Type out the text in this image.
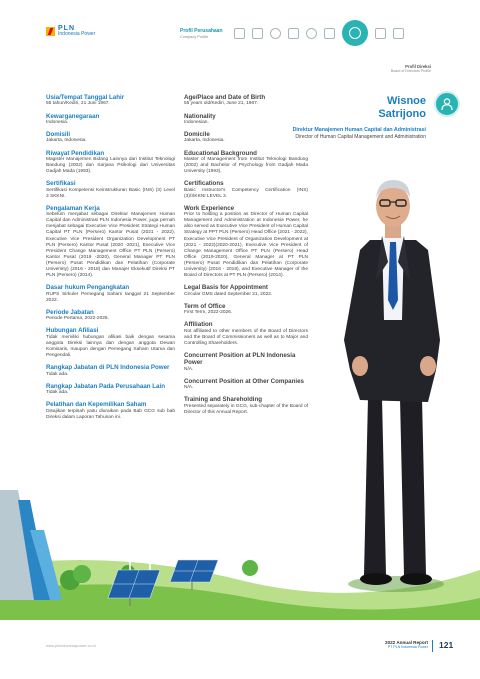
PLN
Indonesia Power	Profil Perusahaan
Company Profile
Profil Direksi
Board of Directors Profile
Usia/Tempat Tanggal Lahir
55 tahun/Kediri, 21 Juni 1967.
Kewarganegaraan
Indonesia.
Domisili
Jakarta, Indonesia.
Riwayat Pendidikan
Magister Manajemen Bidang Lainnya dari Institut Teknologi Bandung (2002) dan Sarjana Psikologi dari Universitas Gadjah Mada (1993).
Sertifikasi
Sertifikasi Kompetensi Keinstrukturan Basic (INS) (3) Level 3 SKKNI.
Pengalaman Kerja
Sebelum menjabat sebagai Direktur Manajemen Human Capital dan Administrasi PLN Indonesia Power, juga pernah menjabat sebagai Executive Vice President Strategi Human Capital PT PLN (Persero) Kantor Pusat (2021 - 2022), Executive Vice President Organization Development PT PLN (Persero) Kantor Pusat (2020 -2021), Executive Vice President Change Management Office PT PLN (Persero) Kantor Pusat (2019 -2020), General Manager PT PLN (Persero) Pusat Pendidikan dan Pelatihan (Corporate University) (2016 - 2018) dan Manajer Eksekutif Direksi PT PLN (Persero) (2014).
Dasar hukum Pengangkatan
RUPS Sirkuler Pemegang Saham tanggal 21 September 2022.
Periode Jabatan
Periode Pertama, 2022-2026.
Hubungan Afiliasi
Tidak memiliki hubungan afiliasi baik dengan sesama anggota Direksi lainnya dan dengan anggota Dewan Komisaris, maupun dengan Pemegang Saham Utama dan Pengendali.
Rangkap Jabatan di PLN Indonesia Power
Tidak ada.
Rangkap Jabatan Pada Perusahaan Lain
Tidak ada.
Pelatihan dan Kepemilikan Saham
Disajikan terpisah yaitu diuraikan pada Bab GCG sub bab Direksi dalam Laporan Tahunan ini.
Age/Place and Date of Birth
55 years old/Kediri, June 21, 1967.
Nationality
Indonesian.
Domicile
Jakarta, Indonesia.
Educational Background
Master of Management from Institut Teknologi Bandung (2002) and Bachelor of Psychology from Gadjah Mada University (1993).
Certifications
Basic Instructor's Competency Certification (INS) (3)/SKKNI LEVEL 3.
Work Experience
Prior to holding a position as Director of Human Capital Management and Administration at Indonesia Power, he also served as Executive Vice President of Human Capital Strategy at PPT PLN (Persero) Head Office (2021 - 2022), Executive Vice President of Organization Development at (2021 - 2022)(2020-2021), Executive Vice President of Change Management Office PT PLN (Persero) Head Office (2019-2020), General Manager at PT PLN (Persero) Pusat Pendidikan dan Pelatihan (Corporate University) (2016 - 2018), and Executive Manager of the Board of Directors at PT PLN (Persero) (2014).
Legal Basis for Appointment
Circular GMS dated September 21, 2022.
Term of Office
First Term, 2022-2026.
Affiliation
Not affiliated to other members of the Board of Directors and the Board of Commissioners as well as to Major and Controlling Shareholders.
Concurrent Position at PLN Indonesia Power
N/A.
Concurrent Position at Other Companies
N/A.
Training and Shareholding
Presented separately in GCG, sub-chapter of the Board of Director of this Annual Report.
Wisnoe
Satrijono
Direktur Manajemen Human Capital dan Administrasi
Director of Human Capital Management and Administration
www.plnindonesiapower.co.id
2022 Annual Report
PT PLN Indonesia Power 121
